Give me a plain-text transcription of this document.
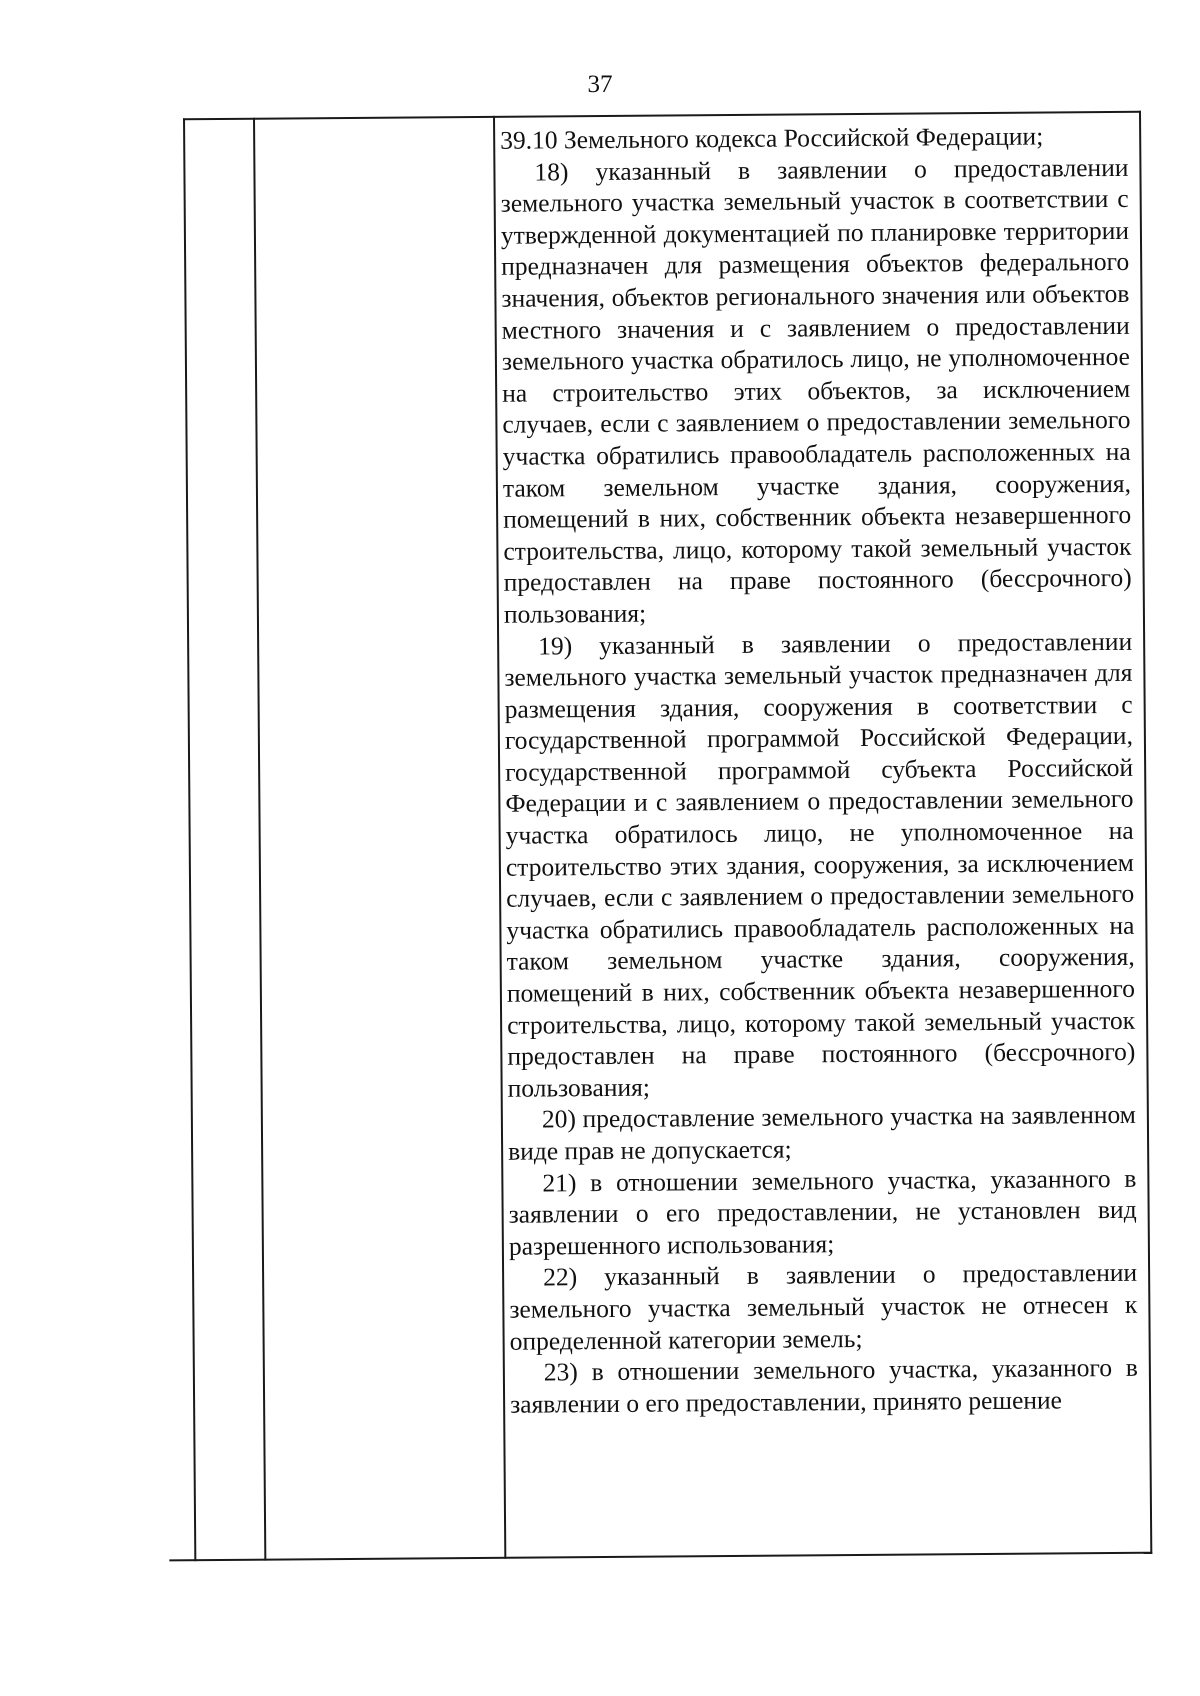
37

39.10 Земельного кодекса Российской Федерации;

18) указанный в заявлении о предоставлении земельного участка земельный участок в соответствии с утвержденной документацией по планировке территории предназначен для размещения объектов федерального значения, объектов регионального значения или объектов местного значения и с заявлением о предоставлении земельного участка обратилось лицо, не уполномоченное на строительство этих объектов, за исключением случаев, если с заявлением о предоставлении земельного участка обратились правообладатель расположенных на таком земельном участке здания, сооружения, помещений в них, собственник объекта незавершенного строительства, лицо, которому такой земельный участок предоставлен на праве постоянного (бессрочного) пользования;

19) указанный в заявлении о предоставлении земельного участка земельный участок предназначен для размещения здания, сооружения в соответствии с государственной программой Российской Федерации, государственной программой субъекта Российской Федерации и с заявлением о предоставлении земельного участка обратилось лицо, не уполномоченное на строительство этих здания, сооружения, за исключением случаев, если с заявлением о предоставлении земельного участка обратились правообладатель расположенных на таком земельном участке здания, сооружения, помещений в них, собственник объекта незавершенного строительства, лицо, которому такой земельный участок предоставлен на праве постоянного (бессрочного) пользования;

20) предоставление земельного участка на заявленном виде прав не допускается;

21) в отношении земельного участка, указанного в заявлении о его предоставлении, не установлен вид разрешенного использования;

22) указанный в заявлении о предоставлении земельного участка земельный участок не отнесен к определенной категории земель;

23) в отношении земельного участка, указанного в заявлении о его предоставлении, принято решение
